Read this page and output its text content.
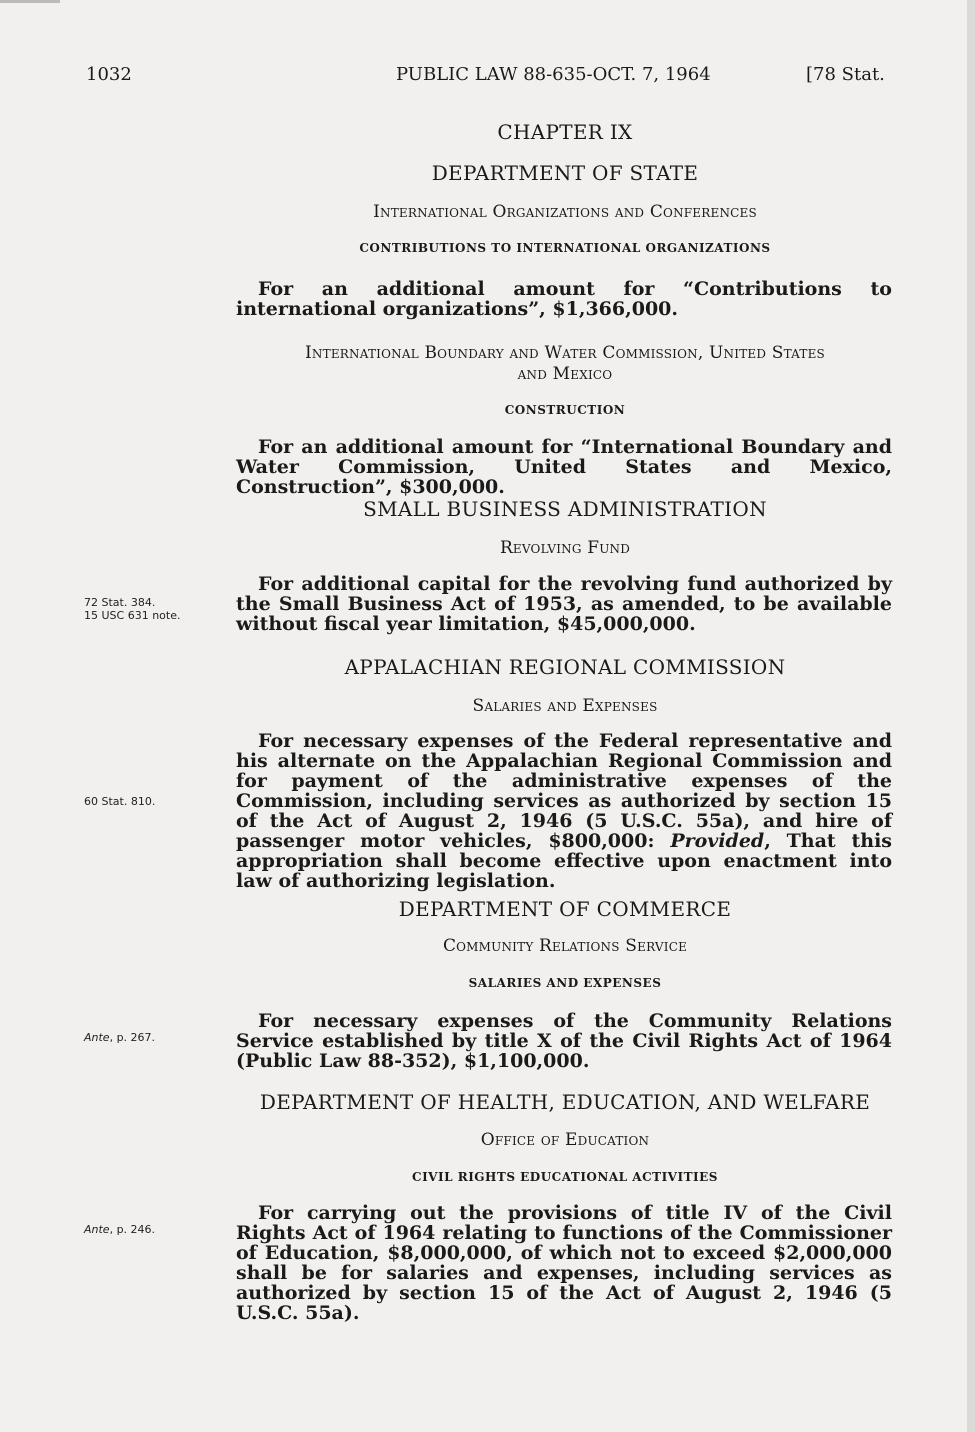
1032	PUBLIC LAW 88-635-OCT. 7, 1964	[78 Stat.
CHAPTER IX
DEPARTMENT OF STATE
International Organizations and Conferences
CONTRIBUTIONS TO INTERNATIONAL ORGANIZATIONS

For an additional amount for “Contributions to international organizations”, $1,366,000.

International Boundary and Water Commission, United States
and Mexico
CONSTRUCTION

For an additional amount for “International Boundary and Water Commission, United States and Mexico, Construction”, $300,000.

SMALL BUSINESS ADMINISTRATION
Revolving Fund
72 Stat. 384.
15 USC 631 note.

For additional capital for the revolving fund authorized by the Small Business Act of 1953, as amended, to be available without fiscal year limitation, $45,000,000.

APPALACHIAN REGIONAL COMMISSION
Salaries and Expenses
60 Stat. 810.

For necessary expenses of the Federal representative and his alternate on the Appalachian Regional Commission and for payment of the administrative expenses of the Commission, including services as authorized by section 15 of the Act of August 2, 1946 (5 U.S.C. 55a), and hire of passenger motor vehicles, $800,000: Provided, That this appropriation shall become effective upon enactment into law of authorizing legislation.

DEPARTMENT OF COMMERCE
Community Relations Service
SALARIES AND EXPENSES
Ante, p. 267.

For necessary expenses of the Community Relations Service established by title X of the Civil Rights Act of 1964 (Public Law 88-352), $1,100,000.

DEPARTMENT OF HEALTH, EDUCATION, AND WELFARE
Office of Education
CIVIL RIGHTS EDUCATIONAL ACTIVITIES
Ante, p. 246.

For carrying out the provisions of title IV of the Civil Rights Act of 1964 relating to functions of the Commissioner of Education, $8,000,000, of which not to exceed $2,000,000 shall be for salaries and expenses, including services as authorized by section 15 of the Act of August 2, 1946 (5 U.S.C. 55a).
